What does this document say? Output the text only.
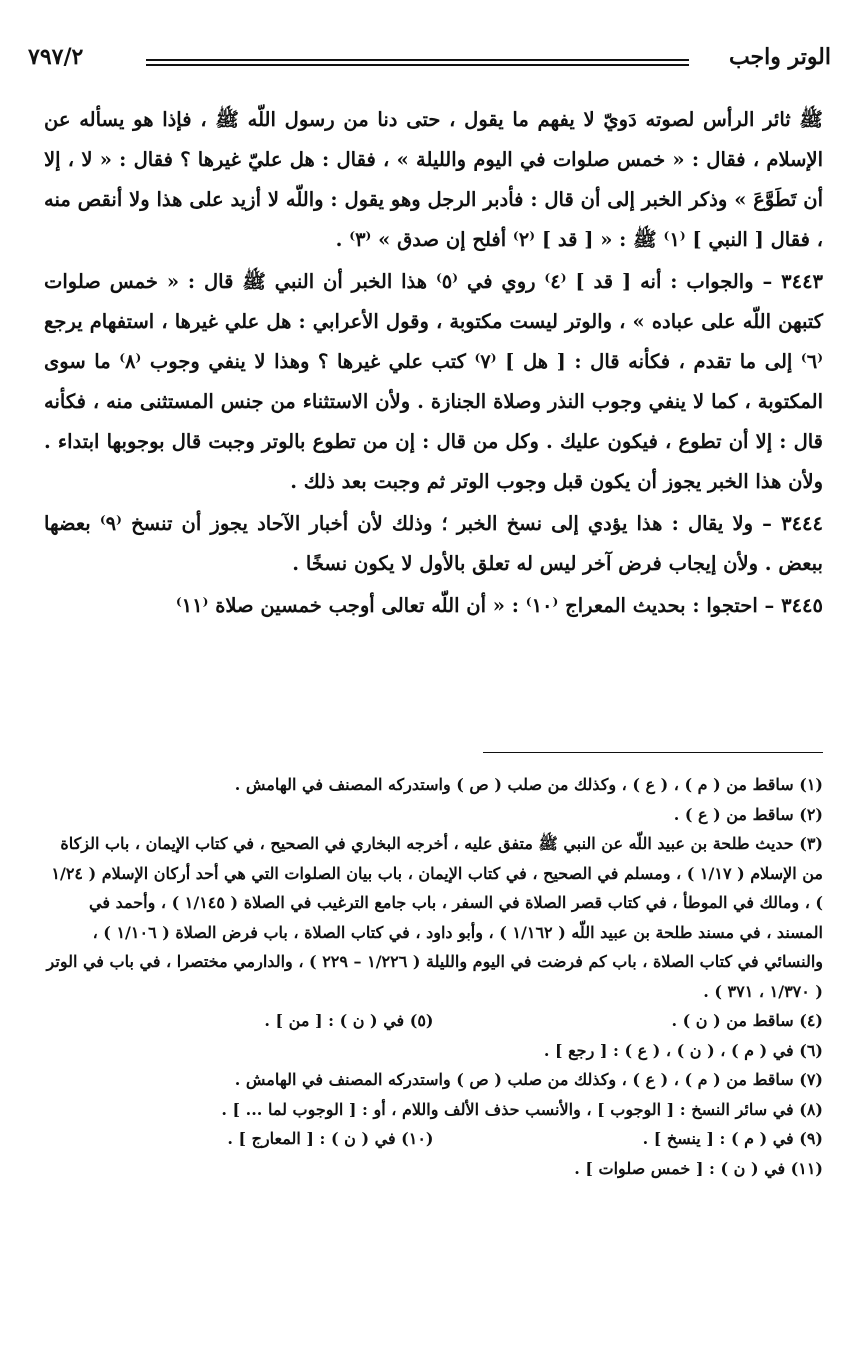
الوتر واجب
٧٩٧/٢

ﷺ ثائر الرأس لصوته دَويّ لا يفهم ما يقول ، حتى دنا من رسول اللّه ﷺ ، فإذا هو يسأله عن الإسلام ، فقال : « خمس صلوات في اليوم والليلة » ، فقال : هل عليّ غيرها ؟ فقال : « لا ، إلا أن تَطَوَّعَ » وذكر الخبر إلى أن قال : فأدبر الرجل وهو يقول : واللّه لا أزيد على هذا ولا أنقص منه ، فقال [ النبي ] ⁽١⁾ ﷺ : « [ قد ] ⁽٢⁾ أفلح إن صدق » ⁽٣⁾ .

٣٤٤٣ – والجواب : أنه [ قد ] ⁽٤⁾ روي في ⁽٥⁾ هذا الخبر أن النبي ﷺ قال : « خمس صلوات كتبهن اللّه على عباده » ، والوتر ليست مكتوبة ، وقول الأعرابي : هل علي غيرها ، استفهام يرجع ⁽٦⁾ إلى ما تقدم ، فكأنه قال : [ هل ] ⁽٧⁾ كتب علي غيرها ؟ وهذا لا ينفي وجوب ⁽٨⁾ ما سوى المكتوبة ، كما لا ينفي وجوب النذر وصلاة الجنازة . ولأن الاستثناء من جنس المستثنى منه ، فكأنه قال : إلا أن تطوع ، فيكون عليك . وكل من قال : إن من تطوع بالوتر وجبت قال بوجوبها ابتداء . ولأن هذا الخبر يجوز أن يكون قبل وجوب الوتر ثم وجبت بعد ذلك .

٣٤٤٤ – ولا يقال : هذا يؤدي إلى نسخ الخبر ؛ وذلك لأن أخبار الآحاد يجوز أن تنسخ ⁽٩⁾ بعضها ببعض . ولأن إيجاب فرض آخر ليس له تعلق بالأول لا يكون نسخًا .

٣٤٤٥ – احتجوا : بحديث المعراج ⁽١٠⁾ : « أن اللّه تعالى أوجب خمسين صلاة ⁽١١⁾

(١) ساقط من ( م ) ، ( ع ) ، وكذلك من صلب ( ص ) واستدركه المصنف في الهامش .

(٢) ساقط من ( ع ) .

(٣) حديث طلحة بن عبيد اللّه عن النبي ﷺ متفق عليه ، أخرجه البخاري في الصحيح ، في كتاب الإيمان ، باب الزكاة من الإسلام ( ١/١٧ ) ، ومسلم في الصحيح ، في كتاب الإيمان ، باب بيان الصلوات التي هي أحد أركان الإسلام ( ١/٢٤ ) ، ومالك في الموطأ ، في كتاب قصر الصلاة في السفر ، باب جامع الترغيب في الصلاة ( ١/١٤٥ ) ، وأحمد في المسند ، في مسند طلحة بن عبيد اللّه ( ١/١٦٢ ) ، وأبو داود ، في كتاب الصلاة ، باب فرض الصلاة ( ١/١٠٦ ) ، والنسائي في كتاب الصلاة ، باب كم فرضت في اليوم والليلة ( ١/٢٢٦ – ٢٢٩ ) ، والدارمي مختصرا ، في باب في الوتر ( ١/٣٧٠ ، ٣٧١ ) .

(٤) ساقط من ( ن ) .

(٥) في ( ن ) : [ من ] .

(٦) في ( م ) ، ( ن ) ، ( ع ) : [ رجع ] .

(٧) ساقط من ( م ) ، ( ع ) ، وكذلك من صلب ( ص ) واستدركه المصنف في الهامش .

(٨) في سائر النسخ : [ الوجوب ] ، والأنسب حذف الألف واللام ، أو : [ الوجوب لما ... ] .

(٩) في ( م ) : [ ينسخ ] .

(١٠) في ( ن ) : [ المعارج ] .

(١١) في ( ن ) : [ خمس صلوات ] .
